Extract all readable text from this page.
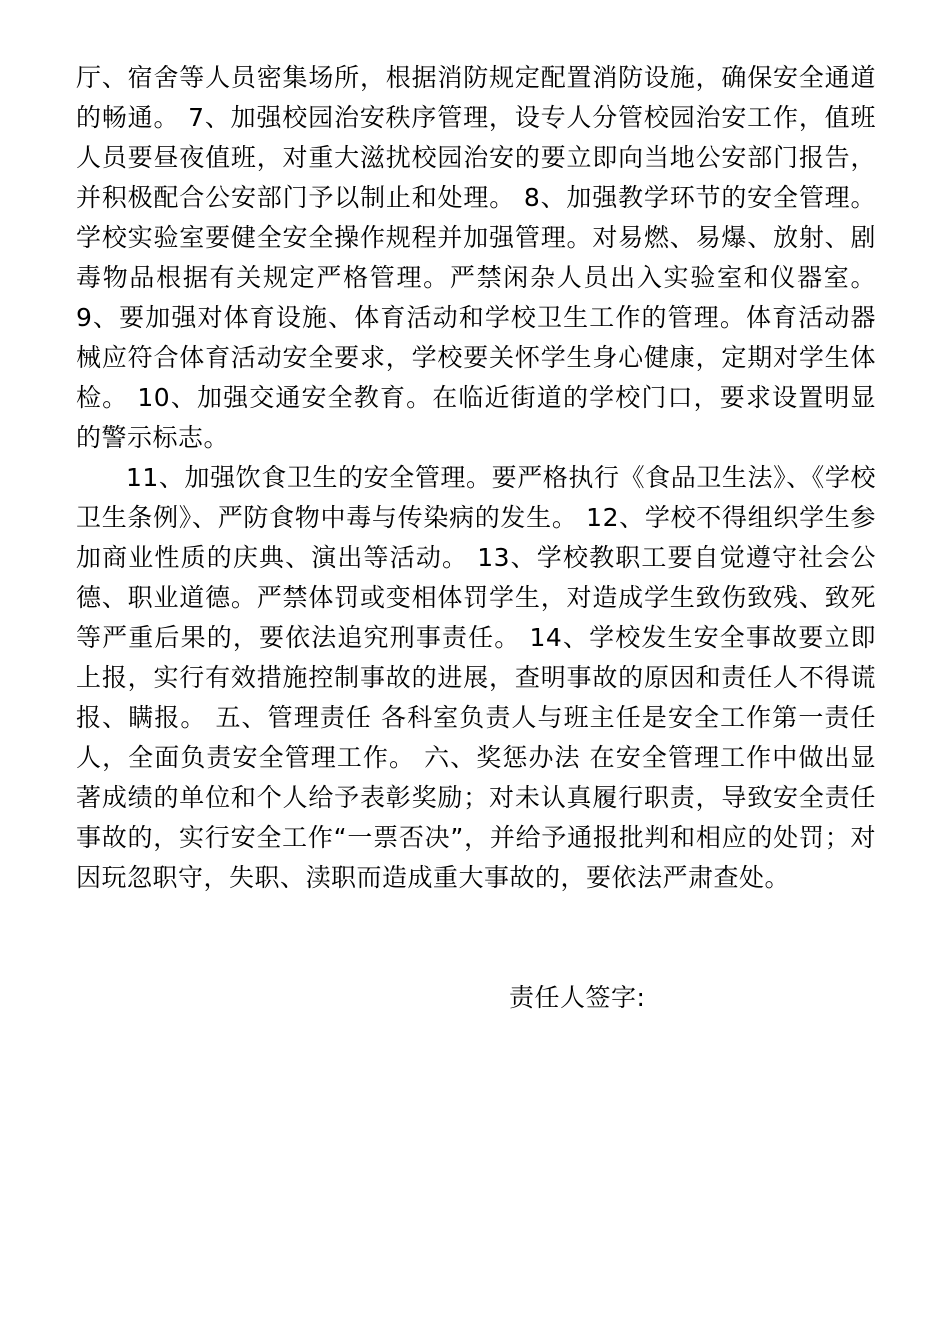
厅、宿舍等人员密集场所，根据消防规定配置消防设施，确保安全通道的畅通。 7、加强校园治安秩序管理，设专人分管校园治安工作，值班人员要昼夜值班，对重大滋扰校园治安的要立即向当地公安部门报告，并积极配合公安部门予以制止和处理。 8、加强教学环节的安全管理。学校实验室要健全安全操作规程并加强管理。对易燃、易爆、放射、剧毒物品根据有关规定严格管理。严禁闲杂人员出入实验室和仪器室。 9、要加强对体育设施、体育活动和学校卫生工作的管理。体育活动器械应符合体育活动安全要求，学校要关怀学生身心健康，定期对学生体检。 10、加强交通安全教育。在临近街道的学校门口，要求设置明显的警示标志。

11、加强饮食卫生的安全管理。要严格执行《食品卫生法》、《学校卫生条例》、严防食物中毒与传染病的发生。 12、学校不得组织学生参加商业性质的庆典、演出等活动。 13、学校教职工要自觉遵守社会公德、职业道德。严禁体罚或变相体罚学生，对造成学生致伤致残、致死等严重后果的，要依法追究刑事责任。 14、学校发生安全事故要立即上报，实行有效措施控制事故的进展，查明事故的原因和责任人不得谎报、瞒报。 五、管理责任 各科室负责人与班主任是安全工作第一责任人，全面负责安全管理工作。 六、奖惩办法 在安全管理工作中做出显著成绩的单位和个人给予表彰奖励；对未认真履行职责，导致安全责任事故的，实行安全工作“一票否决”，并给予通报批判和相应的处罚；对因玩忽职守，失职、渎职而造成重大事故的，要依法严肃查处。

责任人签字:
